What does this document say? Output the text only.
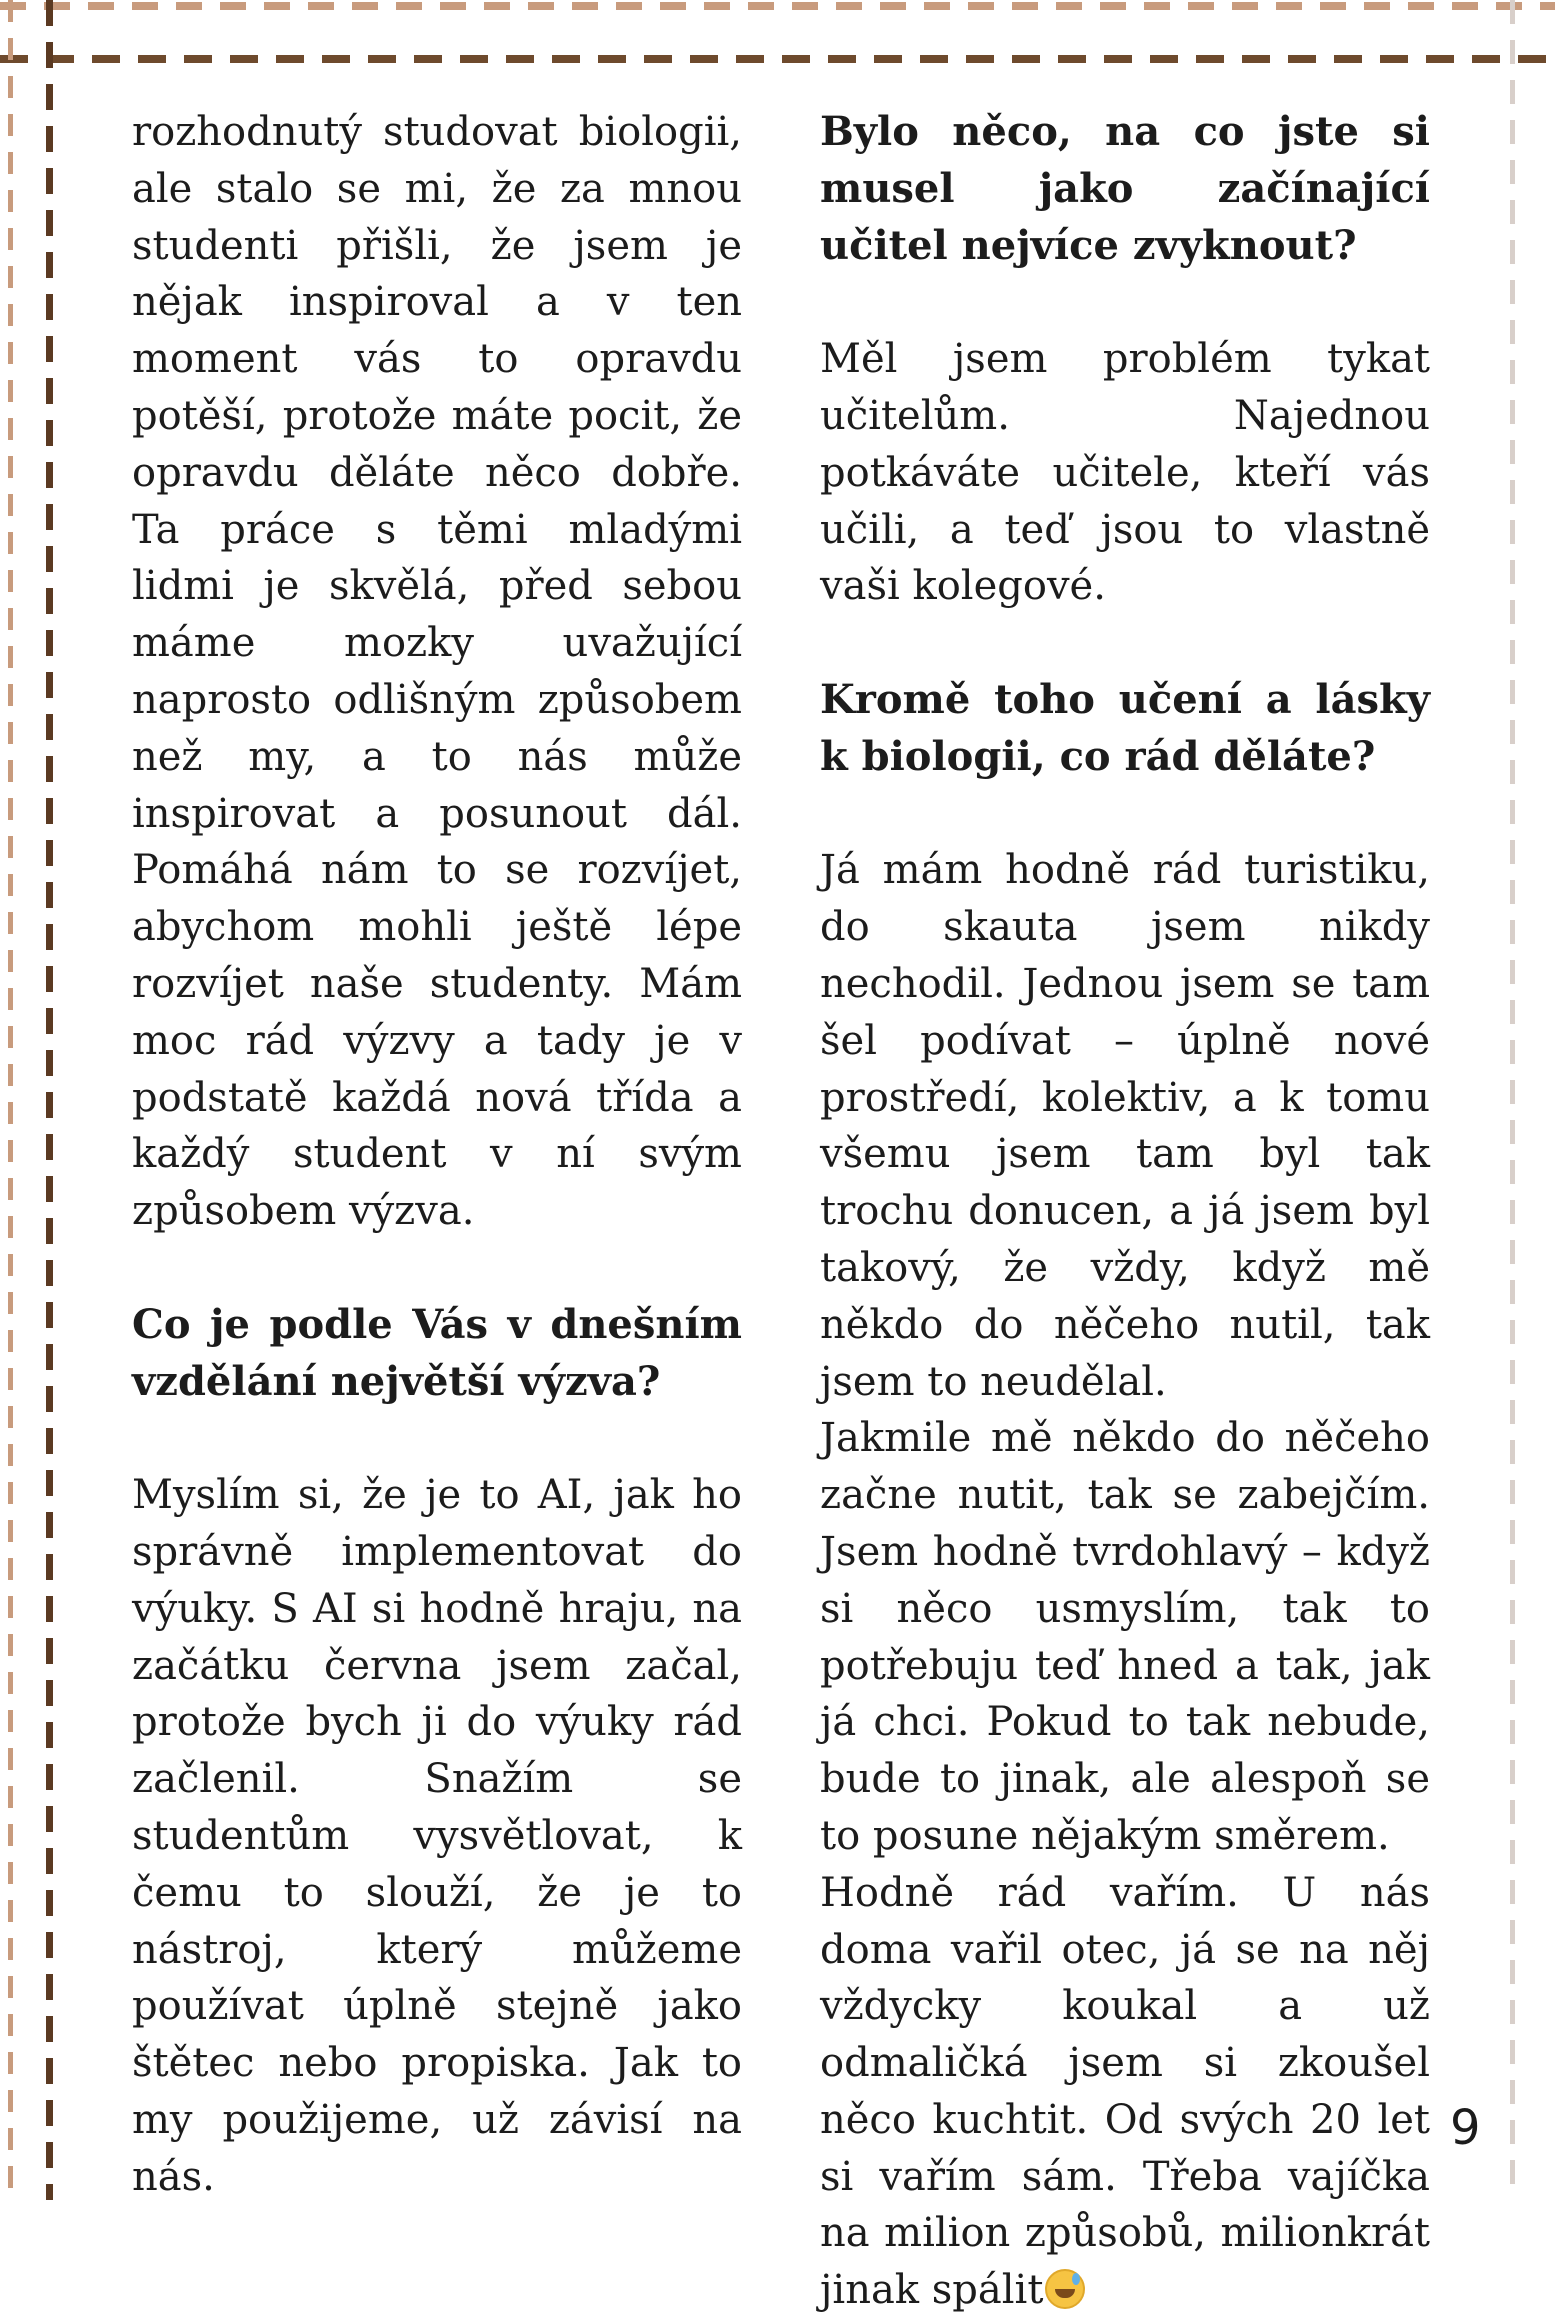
rozhodnutý studovat biologii, ale stalo se mi, že za mnou studenti přišli, že jsem je nějak inspiroval a v ten moment vás to opravdu potěší, protože máte pocit, že opravdu děláte něco dobře. Ta práce s těmi mladými lidmi je skvělá, před sebou máme mozky uvažující naprosto odlišným způsobem než my, a to nás může inspirovat a posunout dál. Pomáhá nám to se rozvíjet, abychom mohli ještě lépe rozvíjet naše studenty. Mám moc rád výzvy a tady je v podstatě každá nová třída a každý student v ní svým způsobem výzva.

Co je podle Vás v dnešním vzdělání největší výzva?

Myslím si, že je to AI, jak ho správně implementovat do výuky. S AI si hodně hraju, na začátku června jsem začal, protože bych ji do výuky rád začlenil. Snažím se studentům vysvětlovat, k čemu to slouží, že je to nástroj, který můžeme používat úplně stejně jako štětec nebo propiska. Jak to my použijeme, už závisí na nás.

Bylo něco, na co jste si musel jako začínající učitel nejvíce zvyknout?

Měl jsem problém tykat učitelům. Najednou potkáváte učitele, kteří vás učili, a teď jsou to vlastně vaši kolegové.

Kromě toho učení a lásky k biologii, co rád děláte?

Já mám hodně rád turistiku, do skauta jsem nikdy nechodil. Jednou jsem se tam šel podívat – úplně nové prostředí, kolektiv, a k tomu všemu jsem tam byl tak trochu donucen, a já jsem byl takový, že vždy, když mě někdo do něčeho nutil, tak jsem to neudělal.

Jakmile mě někdo do něčeho začne nutit, tak se zabejčím. Jsem hodně tvrdohlavý – když si něco usmyslím, tak to potřebuju teď hned a tak, jak já chci. Pokud to tak nebude, bude to jinak, ale alespoň se to posune nějakým směrem.

Hodně rád vařím. U nás doma vařil otec, já se na něj vždycky koukal a už odmaličká jsem si zkoušel něco kuchtit. Od svých 20 let si vařím sám. Třeba vajíčka na milion způsobů, milionkrát jinak spálit

9
